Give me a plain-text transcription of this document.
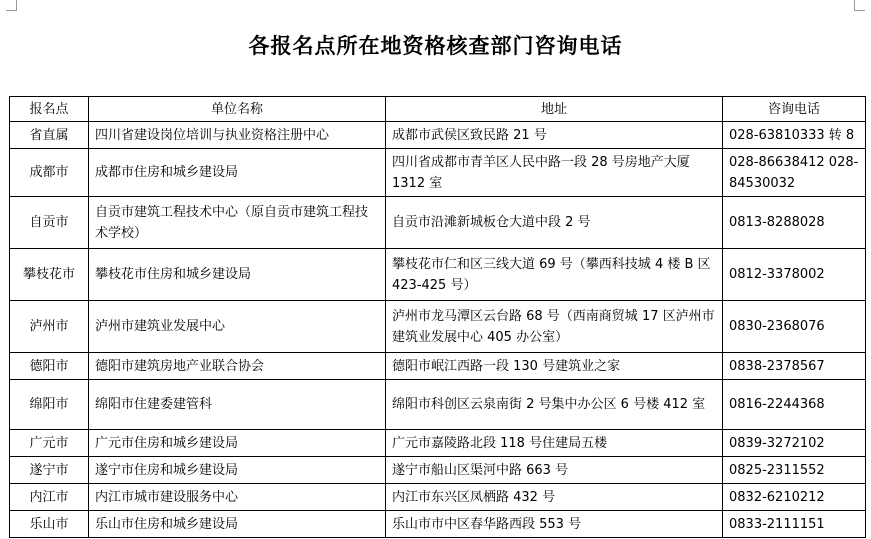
各报名点所在地资格核查部门咨询电话
报名点	单位名称	地址	咨询电话
省直属	四川省建设岗位培训与执业资格注册中心	成都市武侯区致民路 21 号	028-63810333 转 8
成都市	成都市住房和城乡建设局	四川省成都市青羊区人民中路一段 28 号房地产大厦 1312 室	028-86638412 028-84530032
自贡市	自贡市建筑工程技术中心（原自贡市建筑工程技术学校）	自贡市沿滩新城板仓大道中段 2 号	0813-8288028
攀枝花市	攀枝花市住房和城乡建设局	攀枝花市仁和区三线大道 69 号（攀西科技城 4 楼 B 区 423-425 号）	0812-3378002
泸州市	泸州市建筑业发展中心	泸州市龙马潭区云台路 68 号（西南商贸城 17 区泸州市建筑业发展中心 405 办公室）	0830-2368076
德阳市	德阳市建筑房地产业联合协会	德阳市岷江西路一段 130 号建筑业之家	0838-2378567
绵阳市	绵阳市住建委建管科	绵阳市科创区云泉南街 2 号集中办公区 6 号楼 412 室	0816-2244368
广元市	广元市住房和城乡建设局	广元市嘉陵路北段 118 号住建局五楼	0839-3272102
遂宁市	遂宁市住房和城乡建设局	遂宁市船山区渠河中路 663 号	0825-2311552
内江市	内江市城市建设服务中心	内江市东兴区凤栖路 432 号	0832-6210212
乐山市	乐山市住房和城乡建设局	乐山市市中区春华路西段 553 号	0833-2111151
